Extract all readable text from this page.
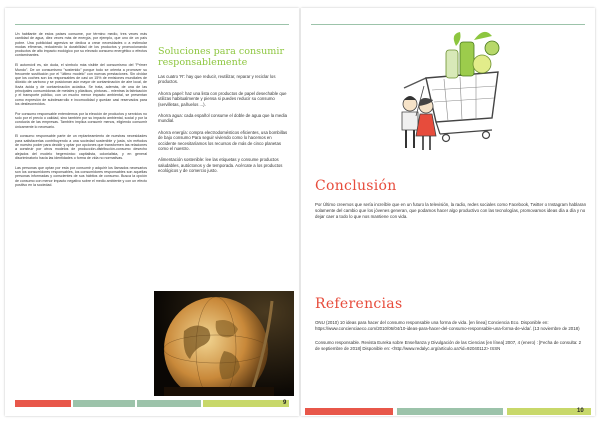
Un habitante de estos países consume, por término medio, tres veces más cantidad de agua, diez veces más de energía, por ejemplo, que uno de un país pobre. Una publicidad agresiva se dedica a crear necesidades o a estimular modas efímeras, reduciendo la durabilidad de los productos y promocionando productos de alto impacto ecológico por su elevado consumo energético o efectos contaminantes.

El automóvil es, sin duda, el símbolo más visible del consumismo del "Primer Mundo". De un consumismo "sostenido" porque todo se orienta a promover su frecuente sustitución por el "último modelo" con nuevas prestaciones. Sin olvidar que los coches son los responsables de casi un 15% de emisiones mundiales de dióxido de carbono y se posicionan aún mayor de contaminación de aire local, de lluvia ácida y de contaminación acústica. Se trata, además, de una de las principales consumidoras de metales y plásticos, pinturas... mientras la fabricación y el transporte público, con un mucho menor impacto ambiental, se presentan como expresión de subdesarrollo e incomodidad y quedan casi reservados para los desfavorecidos.

Por consumo responsable entendemos por la elección de productos y servicios no solo por el precio o calidad, sino también por su impacto ambiental, social y por la conducta de las empresas. También implica consumir menos, eligiendo consumir únicamente lo necesario.

El consumo responsable parte de un replanteamiento de nuestras necesidades para satisfacerlas contribuyendo a una sociedad sostenible y justa, sin métodos de nuestro poder para decidir y optar por opciones que transformen las relaciones a construir por otros modelos de producción-distribución-consumo desecho alejados del modelo hegemónico capitalista, colonialista, y en general discriminatorio hacia las identidades o forma de vida no normativas.

Las personas que optan por esta por consumir y adquirir los llamados necesarios son los consumidores responsables, los consumidores responsables son aquellas personas informadas y conscientes de sus hábitos de consumo. Busca la opción de consumo con menor impacto negativo sobre el medio ambiente y con un efecto positivo en la sociedad.

Soluciones para consumir responsablemente

Las cuatro 'R': hay que reducir, reutilizar, reparar y reciclar los productos.

Ahorra papel: haz una lista con productos de papel desechable que utilizas habitualmente y piensa si puedes reducir su consumo (servilletas, pañuelos ...).

Ahorra agua: cada español consume el doble de agua que la media mundial.

Ahorra energía: compra electrodomésticos eficientes, usa bombillas de bajo consumo Para seguir viviendo como lo hacemos en occidente necesitaríamos los recursos de más de cinco planetas como el nuestro.

Alimentación sostenible: lee las etiquetas y consume productos saludables, autóctonos y de temporada. Acércate a los productos ecológicos y de comercio justo.

9
Conclusión

Por Último creemos que sería increíble que en un futuro la televisión, la radio, redes sociales como Facebook, Twitter o Instagram hablaran solamente del cambio que los jóvenes generan, que podamos hacer algo productivo con las tecnologías, promovamos ideas día a día y no dejar caer a todo lo que nos mantiene con vida.

Referencias

ONU (2010) 10 ideas para hacer del consumo responsable una forma de vida. [en linea] Conciencia Eco. Disponible en: https://www.concienciaeco.com/2010/06/04/10-ideas-para-hacer-del-consumo-responsable-una-forma-de-vida/. (13 noviembre de 2018)

Consumo responsable. Revista Eureka sobre Enseñanza y Divulgación de las Ciencias [en línea] 2007, 4 (enero) : [Fecha de consulta: 2 de septiembre de 2018] Disponible en: <http://www.redalyc.org/articulo.oa?id=92040112> ISSN

10
